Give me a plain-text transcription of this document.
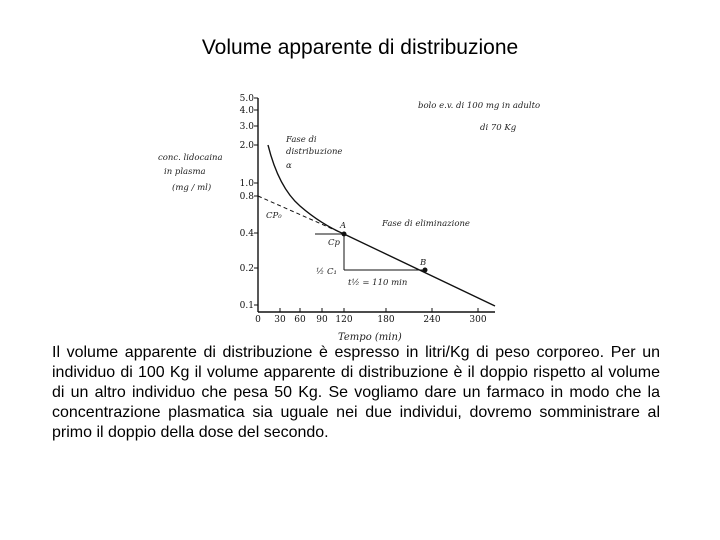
Volume apparente di distribuzione
5.0
4.0
3.0
2.0
1.0
0.8
0.4
0.2
0.1
0 30 60 90 120	180	240	300
conc. lidocaina
in plasma
(mg / ml)
bolo e.v. di 100 mg in adulto
di 70 Kg
Fase di
distribuzione
α
Fase di eliminazione
CP₀
A
B
Cp
½ C₁
t½ = 110 min
Tempo (min)

Il volume apparente di distribuzione è espresso in litri/Kg di peso corporeo. Per un individuo di 100 Kg il volume apparente di distribuzione è il doppio rispetto al volume di un altro individuo che pesa 50 Kg. Se vogliamo dare un farmaco in modo che la concentrazione plasmatica sia uguale nei due individui, dovremo somministrare al primo il doppio della dose del secondo.
